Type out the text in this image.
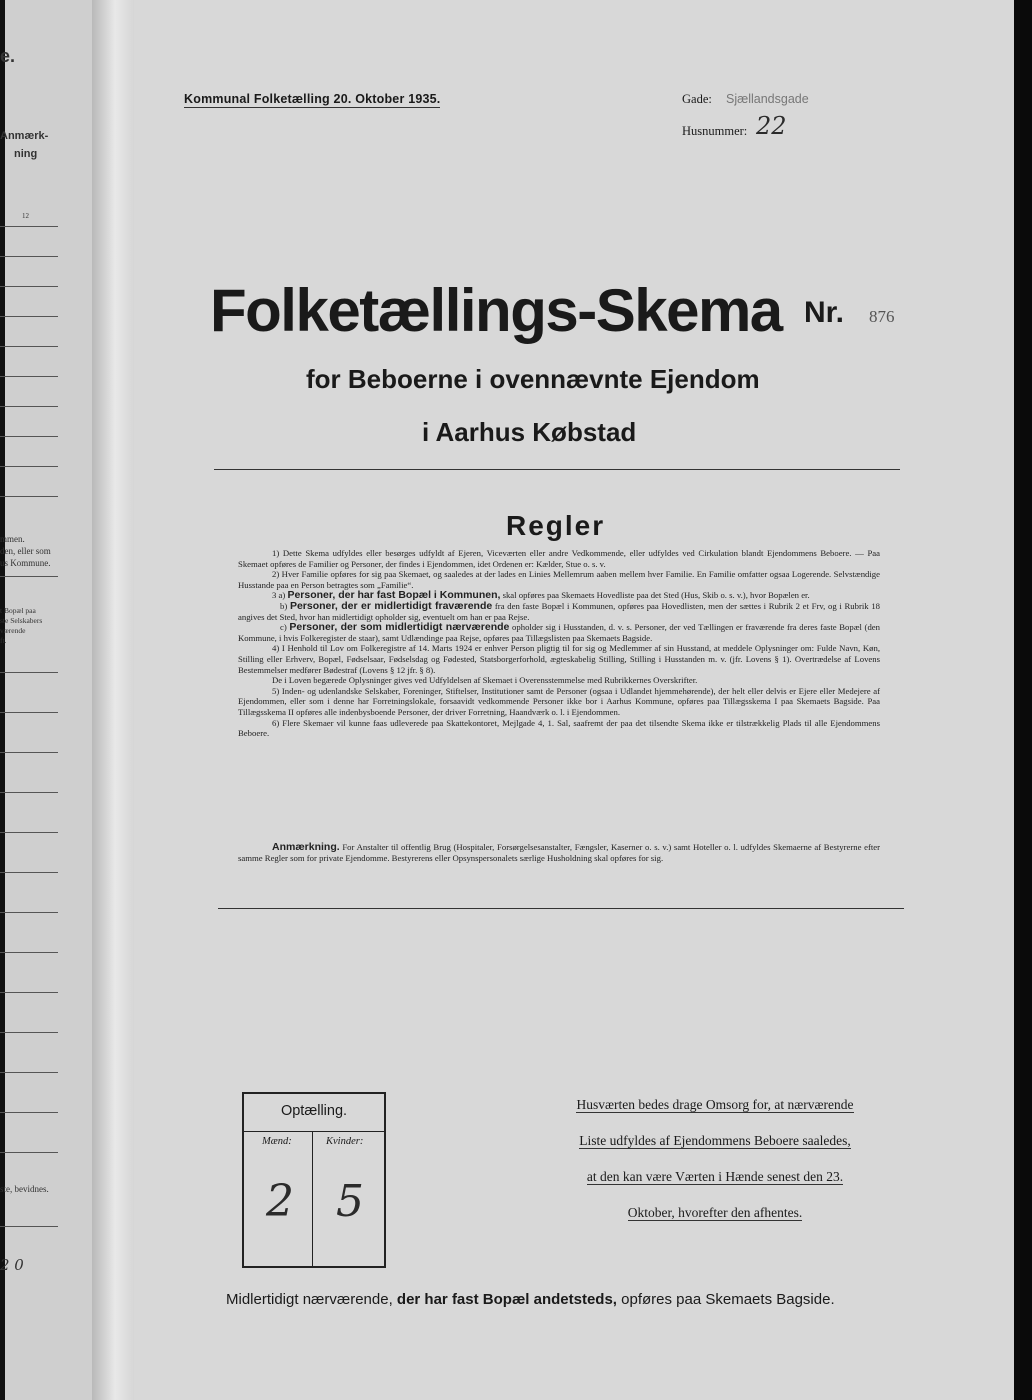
e.
Anmærk-
ning
12
mmen.
den, eller som
us Kommune.
t Bopæl paa
ste Selskabers
værende
ft.
ste, bevidnes.
2 0
Kommunal Folketælling 20. Oktober 1935.	Gade: Sjællandsgade
Husnummer: 22
Folketællings-Skema Nr. 876
for Beboerne i ovennævnte Ejendom
i Aarhus Købstad
Regler

1) Dette Skema udfyldes eller besørges udfyldt af Ejeren, Viceværten eller andre Vedkommende, eller udfyldes ved Cirkulation blandt Ejendommens Beboere. — Paa Skemaet opføres de Familier og Personer, der findes i Ejendommen, idet Ordenen er: Kælder, Stue o. s. v.

2) Hver Familie opføres for sig paa Skemaet, og saaledes at der lades en Linies Mellemrum aaben mellem hver Familie. En Familie omfatter ogsaa Logerende. Selvstændige Husstande paa en Person betragtes som „Familie“.

3 a) Personer, der har fast Bopæl i Kommunen, skal opføres paa Skemaets Hovedliste paa det Sted (Hus, Skib o. s. v.), hvor Bopælen er.

b) Personer, der er midlertidigt fraværende fra den faste Bopæl i Kommunen, opføres paa Hovedlisten, men der sættes i Rubrik 2 et Frv, og i Rubrik 18 angives det Sted, hvor han midlertidigt opholder sig, eventuelt om han er paa Rejse.

c) Personer, der som midlertidigt nærværende opholder sig i Husstanden, d. v. s. Personer, der ved Tællingen er fraværende fra deres faste Bopæl (den Kommune, i hvis Folkeregister de staar), samt Udlændinge paa Rejse, opføres paa Tillægslisten paa Skemaets Bagside.

4) I Henhold til Lov om Folkeregistre af 14. Marts 1924 er enhver Person pligtig til for sig og Medlemmer af sin Husstand, at meddele Oplysninger om: Fulde Navn, Køn, Stilling eller Erhverv, Bopæl, Fødselsaar, Fødselsdag og Fødested, Statsborgerforhold, ægteskabelig Stilling, Stilling i Husstanden m. v. (jfr. Lovens § 1). Overtrædelse af Lovens Bestemmelser medfører Bødestraf (Lovens § 12 jfr. § 8).

De i Loven begærede Oplysninger gives ved Udfyldelsen af Skemaet i Overensstemmelse med Rubrikkernes Overskrifter.

5) Inden- og udenlandske Selskaber, Foreninger, Stiftelser, Institutioner samt de Personer (ogsaa i Udlandet hjemmehørende), der helt eller delvis er Ejere eller Medejere af Ejendommen, eller som i denne har Forretningslokale, forsaavidt vedkommende Personer ikke bor i Aarhus Kommune, opføres paa Tillægsskema I paa Skemaets Bagside. Paa Tillægsskema II opføres alle indenbysboende Personer, der driver Forretning, Haandværk o. l. i Ejendommen.

6) Flere Skemaer vil kunne faas udleverede paa Skattekontoret, Mejlgade 4, 1. Sal, saafremt der paa det tilsendte Skema ikke er tilstrækkelig Plads til alle Ejendommens Beboere.

Anmærkning. For Anstalter til offentlig Brug (Hospitaler, Forsørgelsesanstalter, Fængsler, Kaserner o. s. v.) samt Hoteller o. l. udfyldes Skemaerne af Bestyrerne efter samme Regler som for private Ejendomme. Bestyrerens eller Opsynspersonalets særlige Husholdning skal opføres for sig.
Optælling.
Mænd:	Kvinder:
2 5
Husværten bedes drage Omsorg for, at nærværende
Liste udfyldes af Ejendommens Beboere saaledes,
at den kan være Værten i Hænde senest den 23.
Oktober, hvorefter den afhentes.
Midlertidigt nærværende, der har fast Bopæl andetsteds, opføres paa Skemaets Bagside.
